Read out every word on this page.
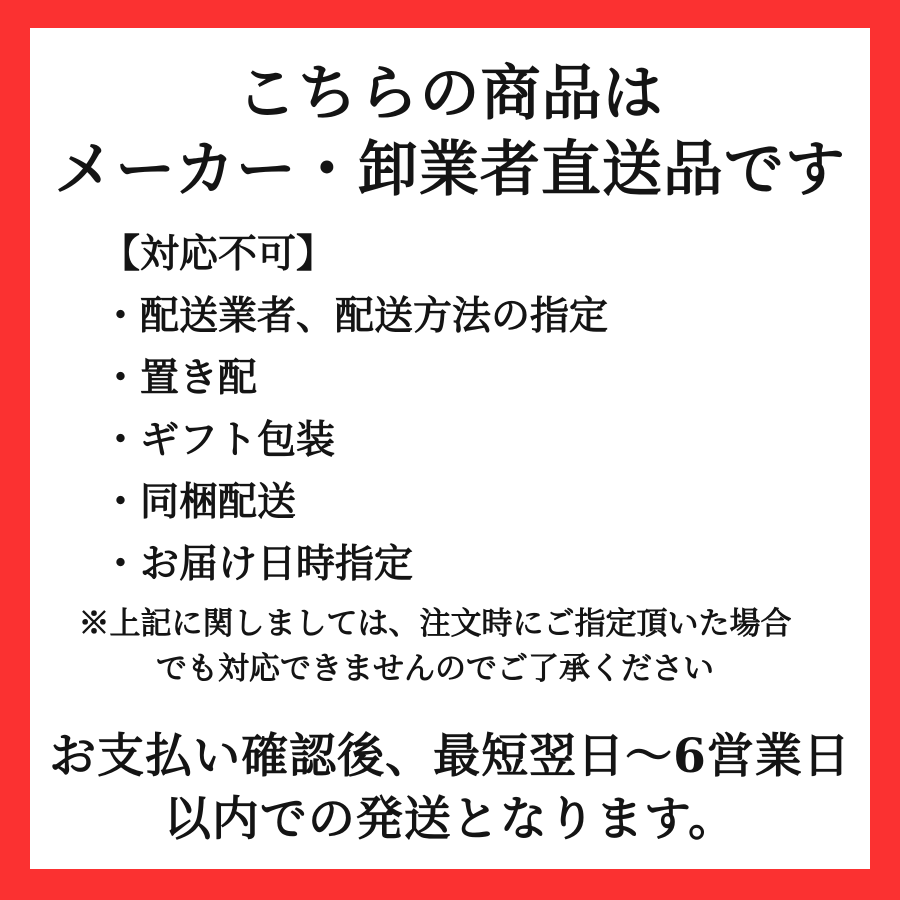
こちらの商品は
メーカー・卸業者直送品です
【対応不可】
・配送業者、配送方法の指定
・置き配
・ギフト包装
・同梱配送
・お届け日時指定

※上記に関しましては、注文時にご指定頂いた場合
でも対応できませんのでご了承ください

お支払い確認後、最短翌日〜6営業日
以内での発送となります。
